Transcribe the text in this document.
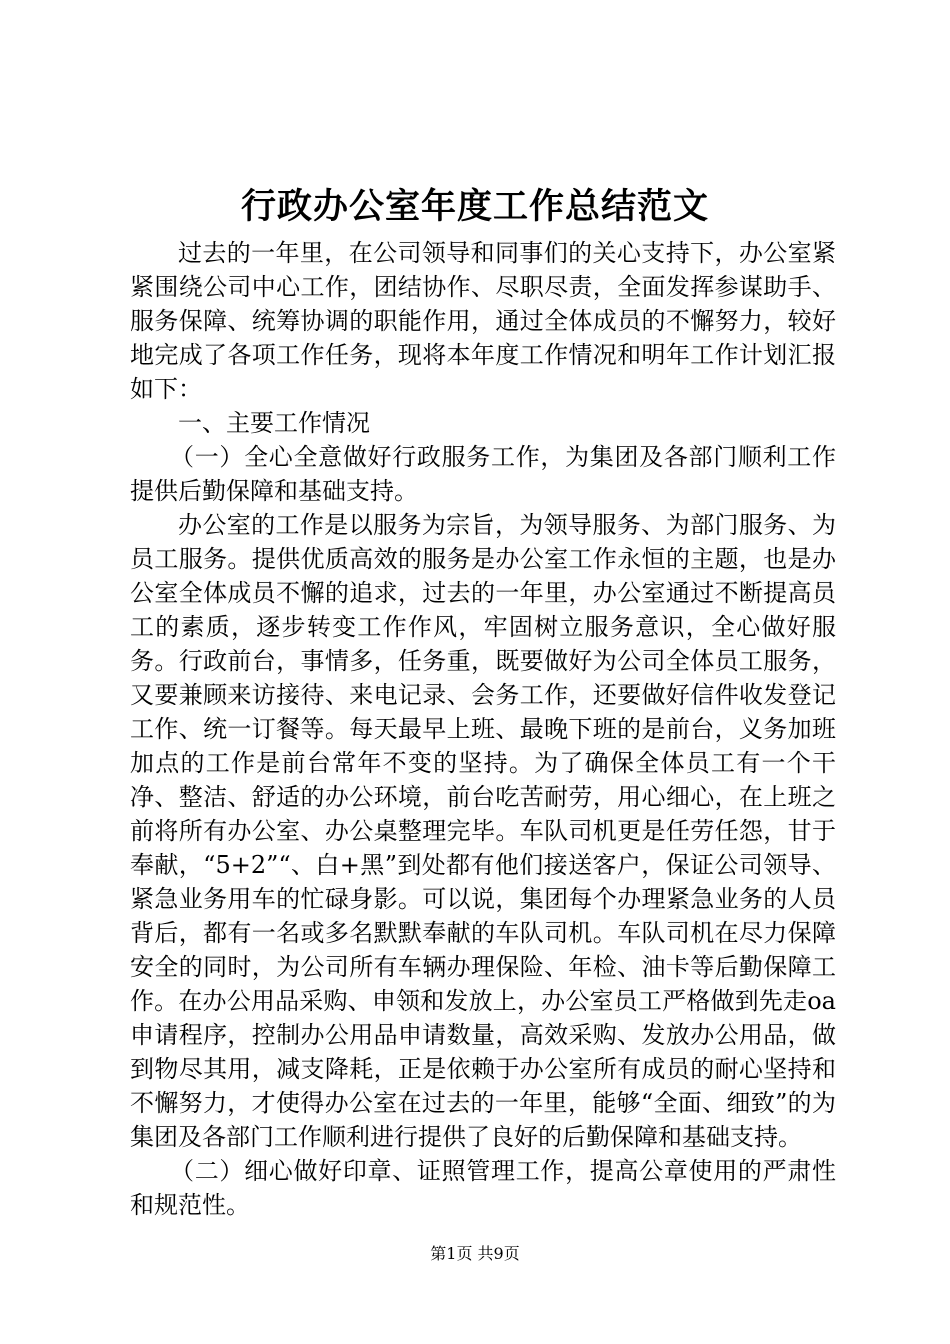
行政办公室年度工作总结范文

过去的一年里，在公司领导和同事们的关心支持下，办公室紧紧围绕公司中心工作，团结协作、尽职尽责，全面发挥参谋助手、服务保障、统筹协调的职能作用，通过全体成员的不懈努力，较好地完成了各项工作任务，现将本年度工作情况和明年工作计划汇报如下：

一、主要工作情况

（一）全心全意做好行政服务工作，为集团及各部门顺利工作提供后勤保障和基础支持。

办公室的工作是以服务为宗旨，为领导服务、为部门服务、为员工服务。提供优质高效的服务是办公室工作永恒的主题，也是办公室全体成员不懈的追求，过去的一年里，办公室通过不断提高员工的素质，逐步转变工作作风，牢固树立服务意识，全心做好服务。行政前台，事情多，任务重，既要做好为公司全体员工服务，又要兼顾来访接待、来电记录、会务工作，还要做好信件收发登记工作、统一订餐等。每天最早上班、最晚下班的是前台，义务加班加点的工作是前台常年不变的坚持。为了确保全体员工有一个干净、整洁、舒适的办公环境，前台吃苦耐劳，用心细心，在上班之前将所有办公室、办公桌整理完毕。车队司机更是任劳任怨，甘于奉献，“5+2”“、白+黑”到处都有他们接送客户，保证公司领导、紧急业务用车的忙碌身影。可以说，集团每个办理紧急业务的人员背后，都有一名或多名默默奉献的车队司机。车队司机在尽力保障安全的同时，为公司所有车辆办理保险、年检、油卡等后勤保障工作。在办公用品采购、申领和发放上，办公室员工严格做到先走oa申请程序，控制办公用品申请数量，高效采购、发放办公用品，做到物尽其用，减支降耗，正是依赖于办公室所有成员的耐心坚持和不懈努力，才使得办公室在过去的一年里，能够“全面、细致”的为集团及各部门工作顺利进行提供了良好的后勤保障和基础支持。

（二）细心做好印章、证照管理工作，提高公章使用的严肃性和规范性。

第1页 共9页
